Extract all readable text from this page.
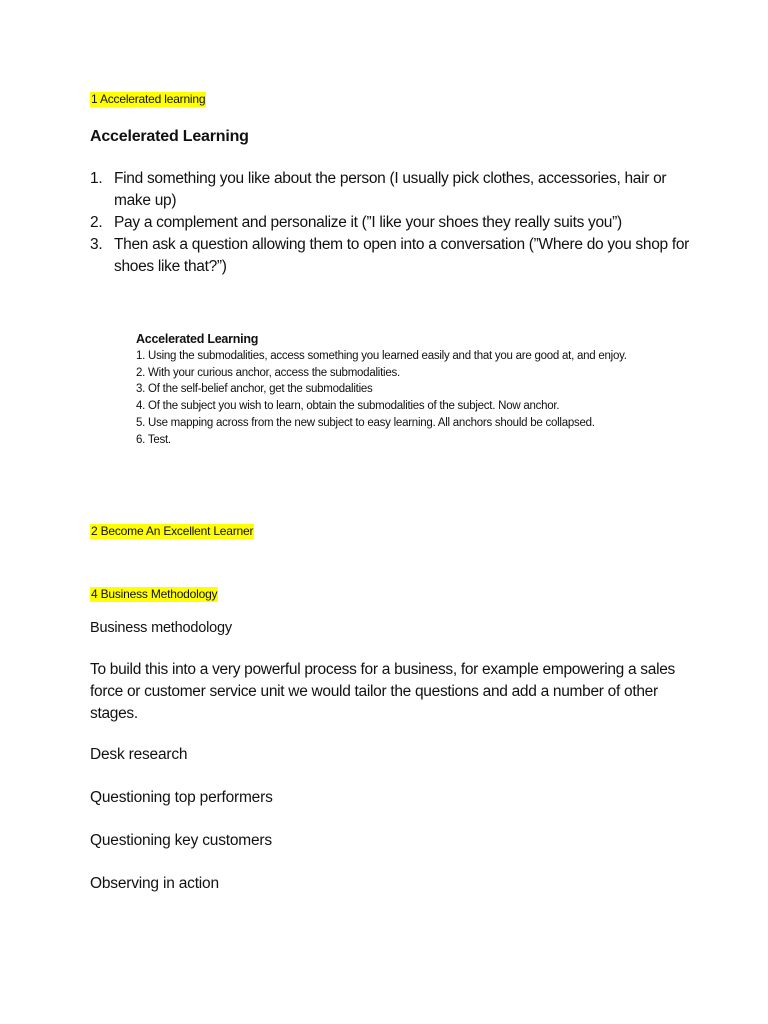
1 Accelerated learning
Accelerated Learning
1. Find something you like about the person (I usually pick clothes, accessories, hair or make up)
2. Pay a complement and personalize it (”I like your shoes they really suits you”)
3. Then ask a question allowing them to open into a conversation (”Where do you shop for shoes like that?”)
Accelerated Learning
1. Using the submodalities, access something you learned easily and that you are good at, and enjoy.
2. With your curious anchor, access the submodalities.
3. Of the self-belief anchor, get the submodalities
4. Of the subject you wish to learn, obtain the submodalities of the subject. Now anchor.
5. Use mapping across from the new subject to easy learning. All anchors should be collapsed.
6. Test.
2 Become An Excellent Learner
4 Business Methodology
Business methodology
To build this into a very powerful process for a business, for example empowering a sales force or customer service unit we would tailor the questions and add a number of other stages.
Desk research
Questioning top performers
Questioning key customers
Observing in action
